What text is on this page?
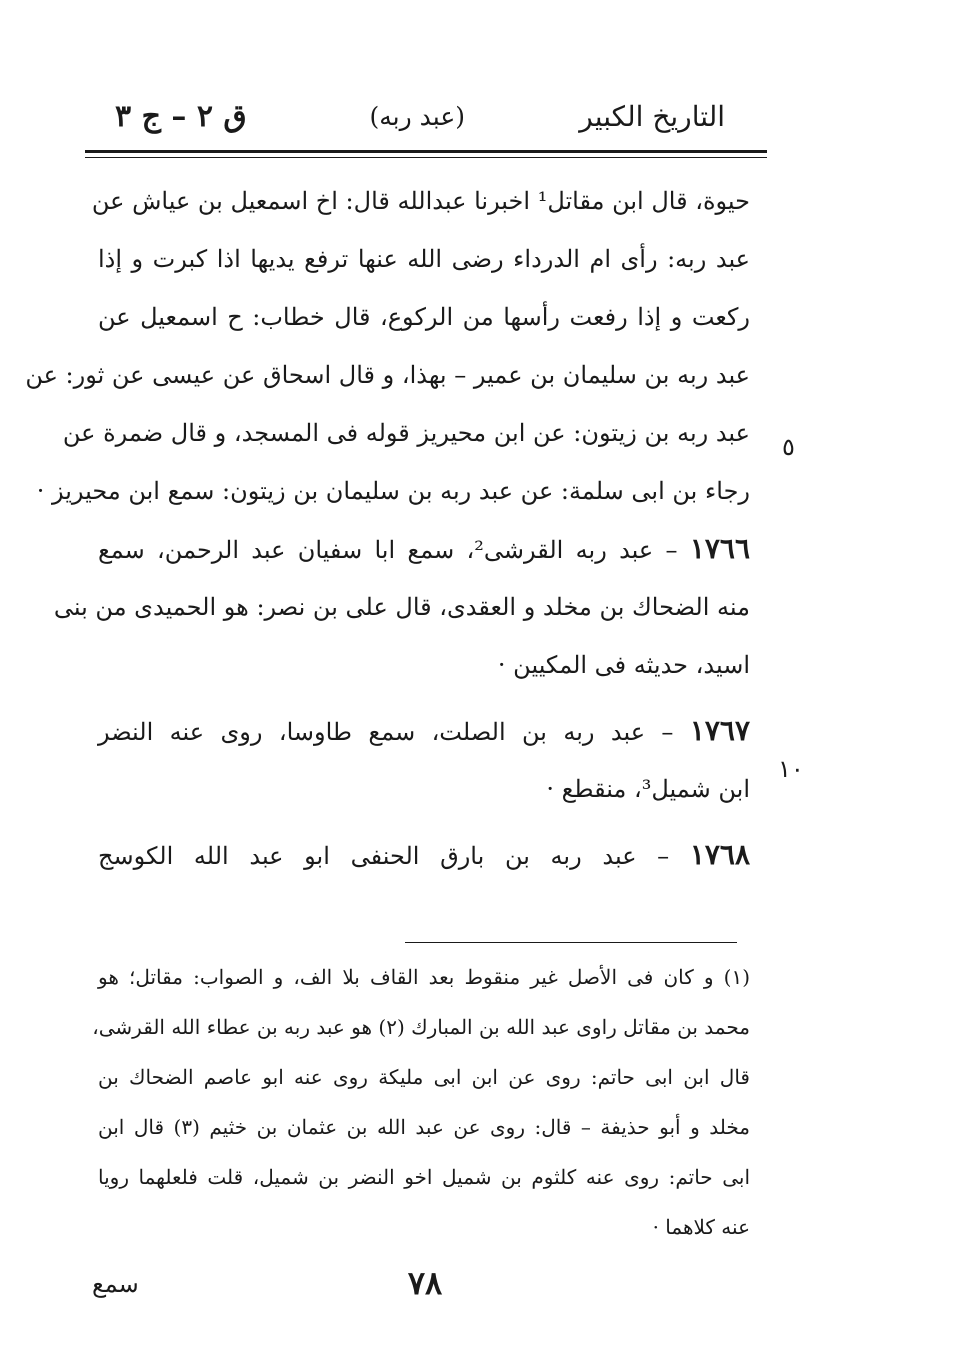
التاريخ الكبير
(عبد ربه)
ق ٢ – ج ٣
حيوة، قال ابن مقاتل¹ اخبرنا عبدالله قال: اخ اسمعيل بن عياش عن
عبد ربه: رأى ام الدرداء رضى الله عنها ترفع يديها اذا كبرت و إذا
ركعت و إذا رفعت رأسها من الركوع، قال خطاب: ح اسمعيل عن
عبد ربه بن سليمان بن عمير – بهذا، و قال اسحاق عن عيسى عن ثور: عن
عبد ربه بن زيتون: عن ابن محيريز قوله فى المسجد، و قال ضمرة عن
رجاء بن ابى سلمة: عن عبد ربه بن سليمان بن زيتون: سمع ابن محيريز ·
١٧٦٦ – عبد ربه القرشى²، سمع ابا سفيان عبد الرحمن، سمع
منه الضحاك بن مخلد و العقدى، قال على بن نصر: هو الحميدى من بنى
اسيد، حديثه فى المكيين ·
١٧٦٧ – عبد ربه بن الصلت، سمع طاوسا، روى عنه النضر
ابن شميل³، منقطع ·
١٧٦٨ – عبد ربه بن بارق الحنفى ابو عبد الله الكوسج
٥
١٠
(١) و كان فى الأصل غير منقوط بعد القاف بلا الف، و الصواب: مقاتل؛ هو
محمد بن مقاتل راوى عبد الله بن المبارك (٢) هو عبد ربه بن عطاء الله القرشى،
قال ابن ابى حاتم: روى عن ابن ابى مليكة روى عنه ابو عاصم الضحاك بن
مخلد و أبو حذيفة – قال: روى عن عبد الله بن عثمان بن خثيم (٣) قال ابن
ابى حاتم: روى عنه كلثوم بن شميل اخو النضر بن شميل، قلت فلعلهما رويا
عنه كلاهما ·
٧٨
سمع
